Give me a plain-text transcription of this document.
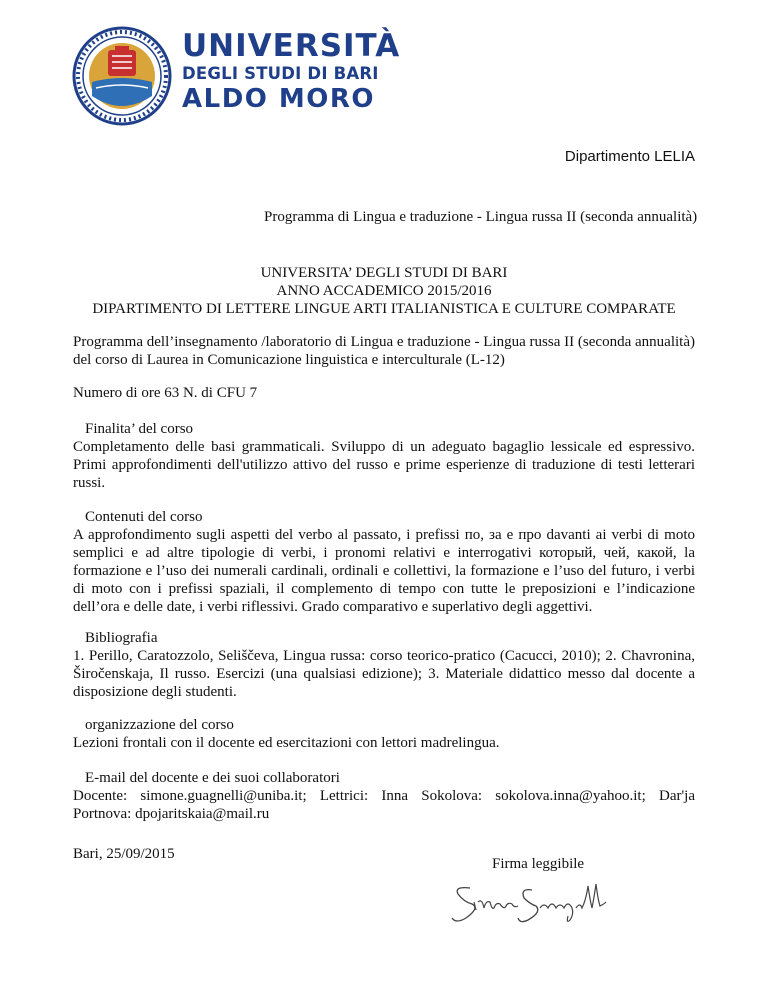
UNIVERSITÀ
DEGLI STUDI DI BARI
ALDO MORO
Dipartimento LELIA
Programma di Lingua e traduzione - Lingua russa II (seconda annualità)
UNIVERSITA’ DEGLI STUDI DI BARI
ANNO ACCADEMICO 2015/2016
DIPARTIMENTO DI LETTERE LINGUE ARTI ITALIANISTICA E CULTURE COMPARATE
Programma dell’insegnamento /laboratorio di Lingua e traduzione - Lingua russa II (seconda annualità)
del corso di Laurea in Comunicazione linguistica e interculturale (L-12)
Numero di ore 63 N. di CFU 7
Finalita’ del corso
Completamento delle basi grammaticali. Sviluppo di un adeguato bagaglio lessicale ed espressivo.
Primi approfondimenti dell'utilizzo attivo del russo e prime esperienze di traduzione di testi letterari
russi.
Contenuti del corso
A approfondimento sugli aspetti del verbo al passato, i prefissi по, за e про davanti ai verbi di moto
semplici e ad altre tipologie di verbi, i pronomi relativi e interrogativi который, чей, какой, la
formazione e l’uso dei numerali cardinali, ordinali e collettivi, la formazione e l’uso del futuro, i verbi
di moto con i prefissi spaziali, il complemento di tempo con tutte le preposizioni e l’indicazione
dell’ora e delle date, i verbi riflessivi. Grado comparativo e superlativo degli aggettivi.
Bibliografia
1. Perillo, Caratozzolo, Seliščeva, Lingua russa: corso teorico-pratico (Cacucci, 2010); 2. Chavronina,
Širočenskaja, Il russo. Esercizi (una qualsiasi edizione); 3. Materiale didattico messo dal docente a
disposizione degli studenti.
organizzazione del corso
Lezioni frontali con il docente ed esercitazioni con lettori madrelingua.
E-mail del docente e dei suoi collaboratori
Docente: simone.guagnelli@uniba.it; Lettrici: Inna Sokolova: sokolova.inna@yahoo.it; Dar'ja
Portnova: dpojaritskaia@mail.ru
Bari, 25/09/2015
Firma leggibile
